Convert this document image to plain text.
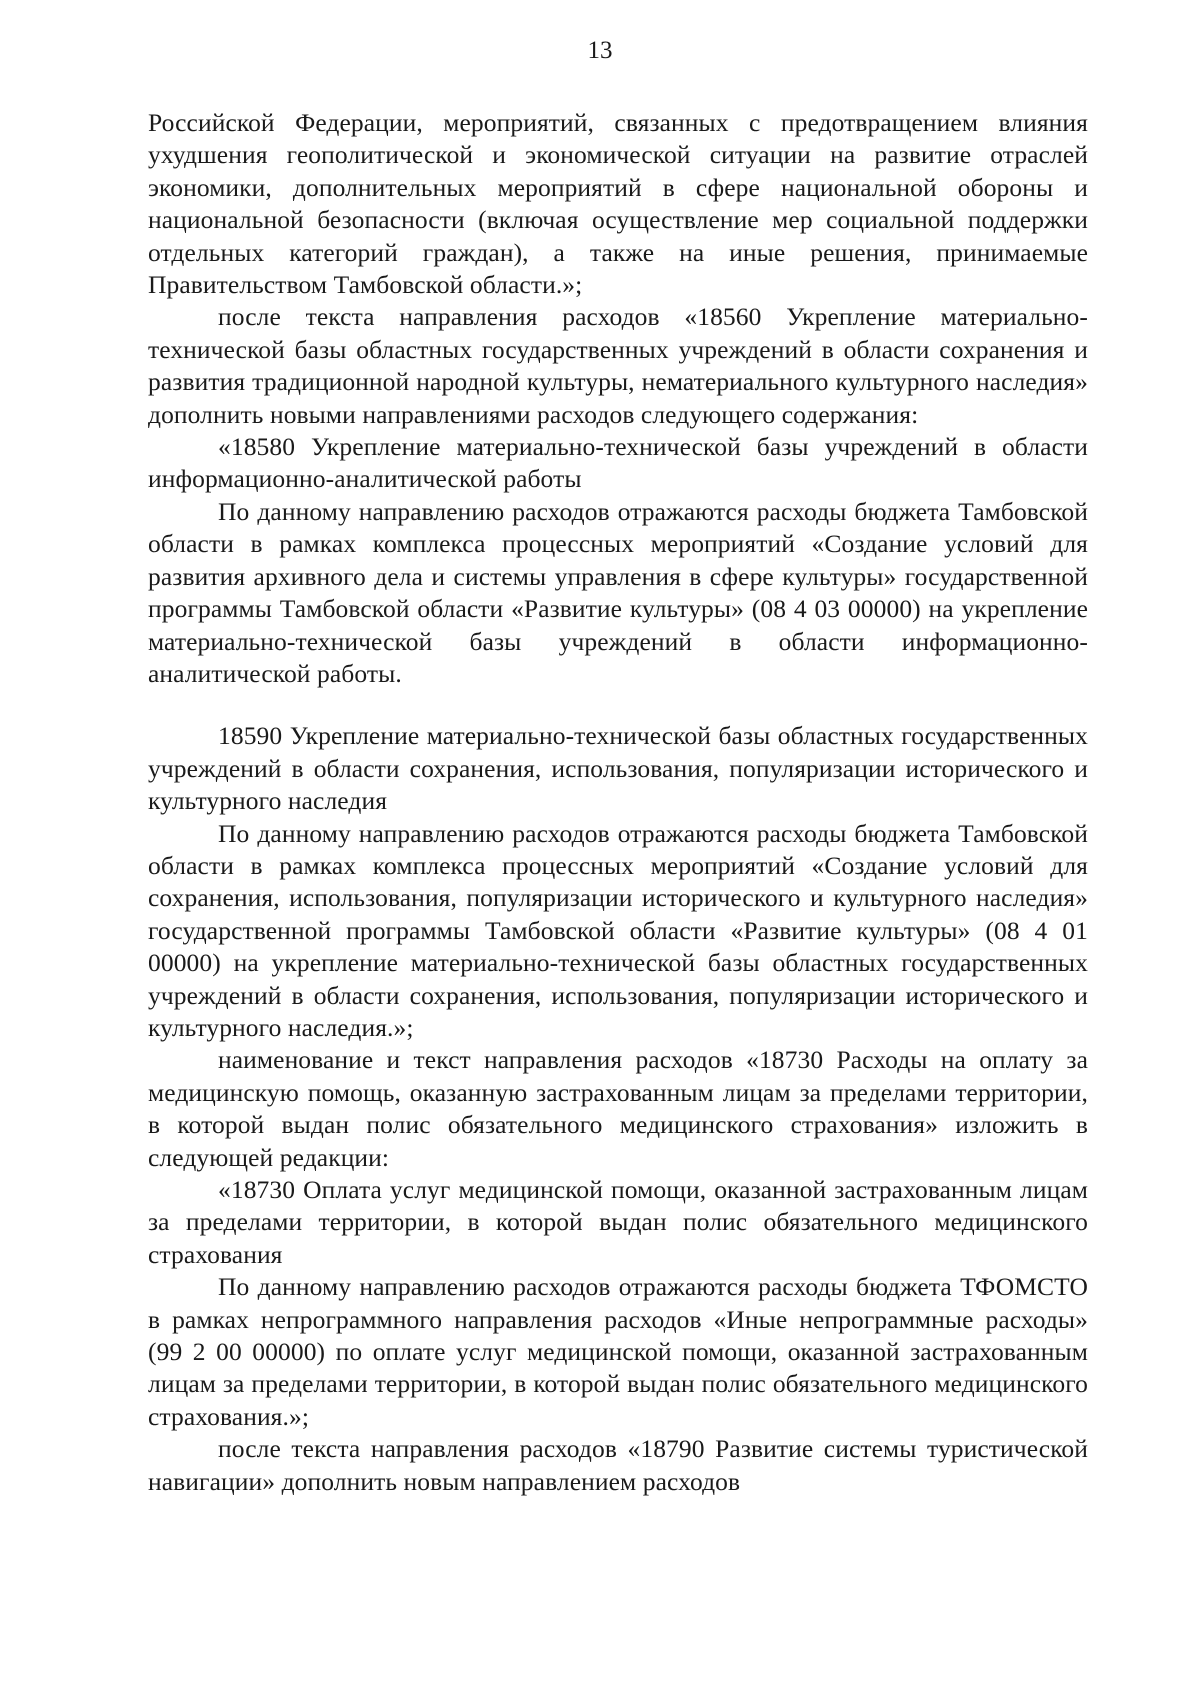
13

Российской Федерации, мероприятий, связанных с предотвращением влияния ухудшения геополитической и экономической ситуации на развитие отраслей экономики, дополнительных мероприятий в сфере национальной обороны и национальной безопасности (включая осуществление мер социальной поддержки отдельных категорий граждан), а также на иные решения, принимаемые Правительством Тамбовской области.»;

после текста направления расходов «18560 Укрепление материально-технической базы областных государственных учреждений в области сохранения и развития традиционной народной культуры, нематериального культурного наследия» дополнить новыми направлениями расходов следующего содержания:

«18580 Укрепление материально-технической базы учреждений в области информационно-аналитической работы

По данному направлению расходов отражаются расходы бюджета Тамбовской области в рамках комплекса процессных мероприятий «Создание условий для развития архивного дела и системы управления в сфере культуры» государственной программы Тамбовской области «Развитие культуры» (08 4 03 00000) на укрепление материально-технической базы учреждений в области информационно-аналитической работы.

18590 Укрепление материально-технической базы областных государственных учреждений в области сохранения, использования, популяризации исторического и культурного наследия

По данному направлению расходов отражаются расходы бюджета Тамбовской области в рамках комплекса процессных мероприятий «Создание условий для сохранения, использования, популяризации исторического и культурного наследия» государственной программы Тамбовской области «Развитие культуры» (08 4 01 00000) на укрепление материально-технической базы областных государственных учреждений в области сохранения, использования, популяризации исторического и культурного наследия.»;

наименование и текст направления расходов «18730 Расходы на оплату за медицинскую помощь, оказанную застрахованным лицам за пределами территории, в которой выдан полис обязательного медицинского страхования» изложить в следующей редакции:

«18730 Оплата услуг медицинской помощи, оказанной застрахованным лицам за пределами территории, в которой выдан полис обязательного медицинского страхования

По данному направлению расходов отражаются расходы бюджета ТФОМСТО в рамках непрограммного направления расходов «Иные непрограммные расходы» (99 2 00 00000) по оплате услуг медицинской помощи, оказанной застрахованным лицам за пределами территории, в которой выдан полис обязательного медицинского страхования.»;

после текста направления расходов «18790 Развитие системы туристической навигации» дополнить новым направлением расходов
